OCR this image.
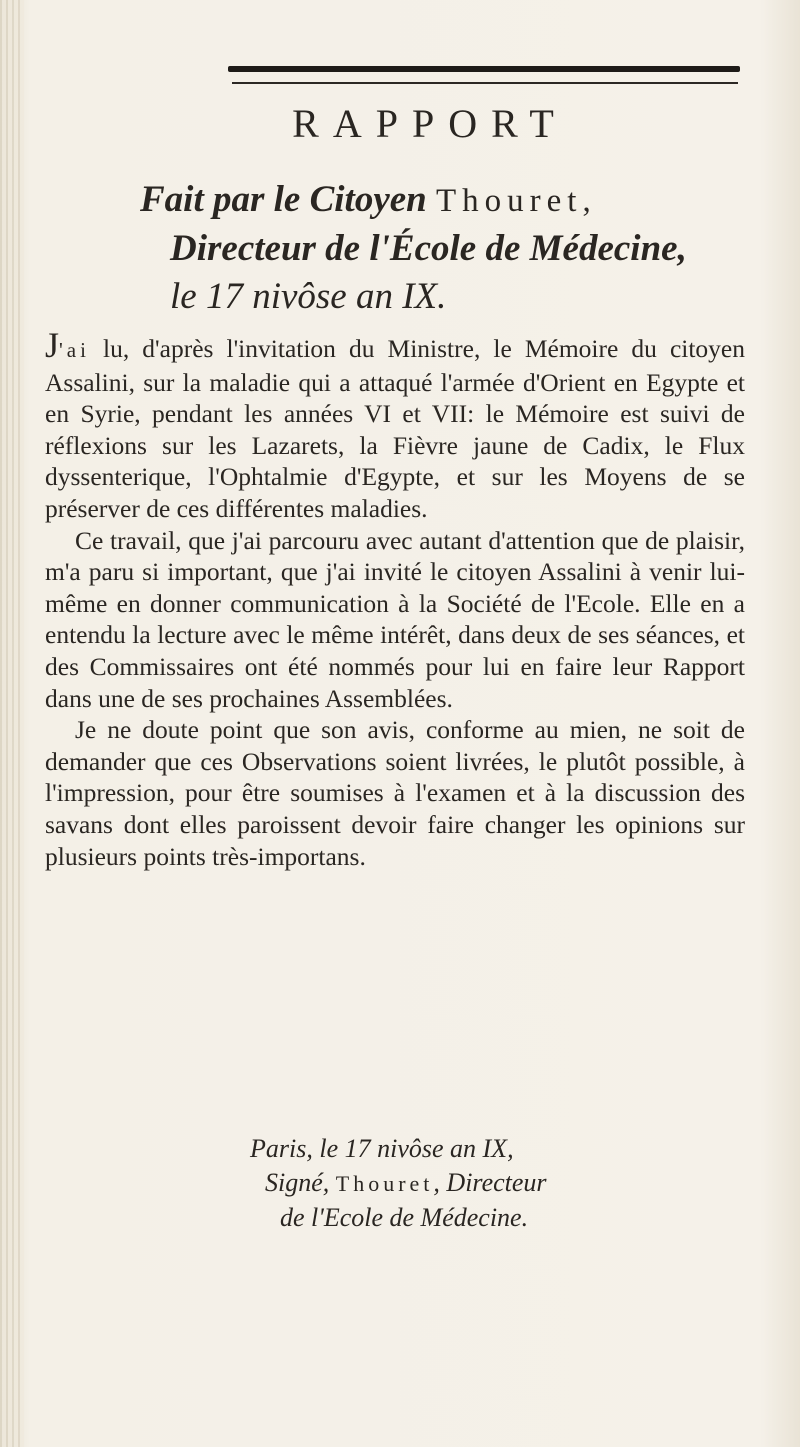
RAPPORT
Fait par le Citoyen Thouret,
Directeur de l'École de Médecine,
le 17 nivôse an IX.

J'ai lu, d'après l'invitation du Ministre, le Mémoire du citoyen Assalini, sur la maladie qui a attaqué l'armée d'Orient en Egypte et en Syrie, pendant les années VI et VII: le Mémoire est suivi de réflexions sur les Lazarets, la Fièvre jaune de Cadix, le Flux dyssenterique, l'Ophtalmie d'Egypte, et sur les Moyens de se préserver de ces différentes maladies.

Ce travail, que j'ai parcouru avec autant d'attention que de plaisir, m'a paru si important, que j'ai invité le citoyen Assalini à venir lui-même en donner communication à la Société de l'Ecole. Elle en a entendu la lecture avec le même intérêt, dans deux de ses séances, et des Commissaires ont été nommés pour lui en faire leur Rapport dans une de ses prochaines Assemblées.

Je ne doute point que son avis, conforme au mien, ne soit de demander que ces Observations soient livrées, le plutôt possible, à l'impression, pour être soumises à l'examen et à la discussion des savans dont elles paroissent devoir faire changer les opinions sur plusieurs points très-importans.

Paris, le 17 nivôse an IX,
Signé, Thouret, Directeur
de l'Ecole de Médecine.
